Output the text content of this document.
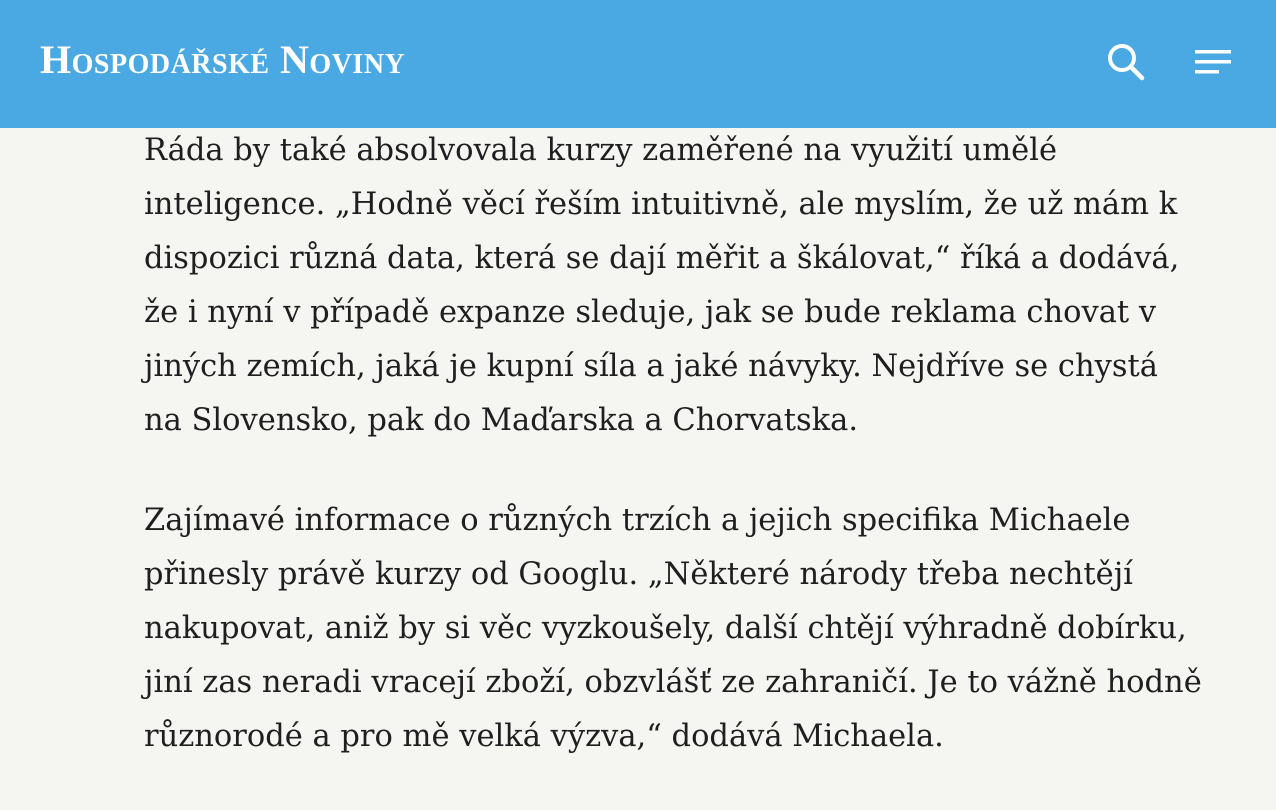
Hospodářské Noviny

Ráda by také absolvovala kurzy zaměřené na využití umělé inteligence. „Hodně věcí řeším intuitivně, ale myslím, že už mám k dispozici různá data, která se dají měřit a škálovat,“ říká a dodává, že i nyní v případě expanze sleduje, jak se bude reklama chovat v jiných zemích, jaká je kupní síla a jaké návyky. Nejdříve se chystá na Slovensko, pak do Maďarska a Chorvatska.

Zajímavé informace o různých trzích a jejich specifika Michaele přinesly právě kurzy od Googlu. „Některé národy třeba nechtějí nakupovat, aniž by si věc vyzkoušely, další chtějí výhradně dobírku, jiní zas neradi vracejí zboží, obzvlášť ze zahraničí. Je to vážně hodně různorodé a pro mě velká výzva,“ dodává Michaela.
